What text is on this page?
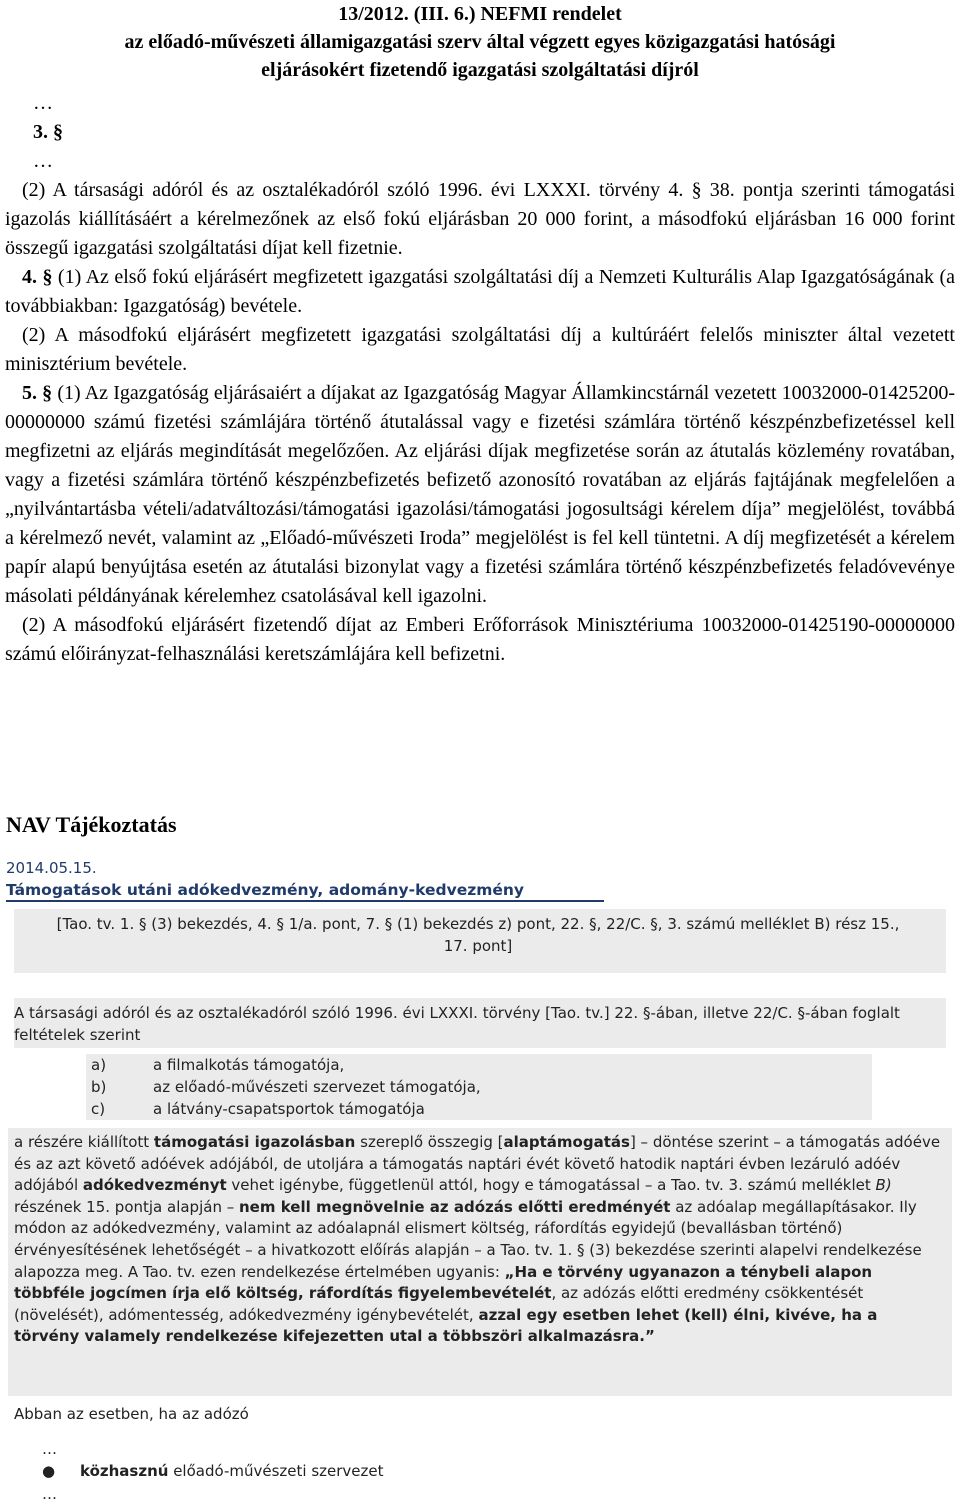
13/2012. (III. 6.) NEFMI rendelet
az előadó-művészeti államigazgatási szerv által végzett egyes közigazgatási hatósági
eljárásokért fizetendő igazgatási szolgáltatási díjról

…

3. §

…

(2) A társasági adóról és az osztalékadóról szóló 1996. évi LXXXI. törvény 4. § 38. pontja szerinti támogatási igazolás kiállításáért a kérelmezőnek az első fokú eljárásban 20 000 forint, a másodfokú eljárásban 16 000 forint összegű igazgatási szolgáltatási díjat kell fizetnie.

4. § (1) Az első fokú eljárásért megfizetett igazgatási szolgáltatási díj a Nemzeti Kulturális Alap Igazgatóságának (a továbbiakban: Igazgatóság) bevétele.

(2) A másodfokú eljárásért megfizetett igazgatási szolgáltatási díj a kultúráért felelős miniszter által vezetett minisztérium bevétele.

5. § (1) Az Igazgatóság eljárásaiért a díjakat az Igazgatóság Magyar Államkincstárnál vezetett 10032000-01425200-00000000 számú fizetési számlájára történő átutalással vagy e fizetési számlára történő készpénzbefizetéssel kell megfizetni az eljárás megindítását megelőzően. Az eljárási díjak megfizetése során az átutalás közlemény rovatában, vagy a fizetési számlára történő készpénzbefizetés befizető azonosító rovatában az eljárás fajtájának megfelelően a „nyilvántartásba vételi/adatváltozási/támogatási igazolási/támogatási jogosultsági kérelem díja” megjelölést, továbbá a kérelmező nevét, valamint az „Előadó-művészeti Iroda” megjelölést is fel kell tüntetni. A díj megfizetését a kérelem papír alapú benyújtása esetén az átutalási bizonylat vagy a fizetési számlára történő készpénzbefizetés feladóvevénye másolati példányának kérelemhez csatolásával kell igazolni.

(2) A másodfokú eljárásért fizetendő díjat az Emberi Erőforrások Minisztériuma 10032000-01425190-00000000 számú előirányzat-felhasználási keretszámlájára kell befizetni.

NAV Tájékoztatás
2014.05.15.
Támogatások utáni adókedvezmény, adomány-kedvezmény
[Tao. tv. 1. § (3) bekezdés, 4. § 1/a. pont, 7. § (1) bekezdés z) pont, 22. §, 22/C. §, 3. számú melléklet B) rész 15., 17. pont]
A társasági adóról és az osztalékadóról szóló 1996. évi LXXXI. törvény [Tao. tv.] 22. §-ában, illetve 22/C. §-ában foglalt feltételek szerint
a)	a filmalkotás támogatója,
b)	az előadó-művészeti szervezet támogatója,
c)	a látvány-csapatsportok támogatója
a részére kiállított támogatási igazolásban szereplő összegig [alaptámogatás] – döntése szerint – a támogatás adóéve és az azt követő adóévek adójából, de utoljára a támogatás naptári évét követő hatodik naptári évben lezáruló adóév adójából adókedvezményt vehet igénybe, függetlenül attól, hogy e támogatással – a Tao. tv. 3. számú melléklet B) részének 15. pontja alapján – nem kell megnövelnie az adózás előtti eredményét az adóalap megállapításakor. Ily módon az adókedvezmény, valamint az adóalapnál elismert költség, ráfordítás egyidejű (bevallásban történő) érvényesítésének lehetőségét – a hivatkozott előírás alapján – a Tao. tv. 1. § (3) bekezdése szerinti alapelvi rendelkezése alapozza meg. A Tao. tv. ezen rendelkezése értelmében ugyanis: „Ha e törvény ugyanazon a ténybeli alapon többféle jogcímen írja elő költség, ráfordítás figyelembevételét, az adózás előtti eredmény csökkentését (növelését), adómentesség, adókedvezmény igénybevételét, azzal egy esetben lehet (kell) élni, kivéve, ha a törvény valamely rendelkezése kifejezetten utal a többszöri alkalmazásra.”
Abban az esetben, ha az adózó
…
● közhasznú előadó-művészeti szervezet
…
